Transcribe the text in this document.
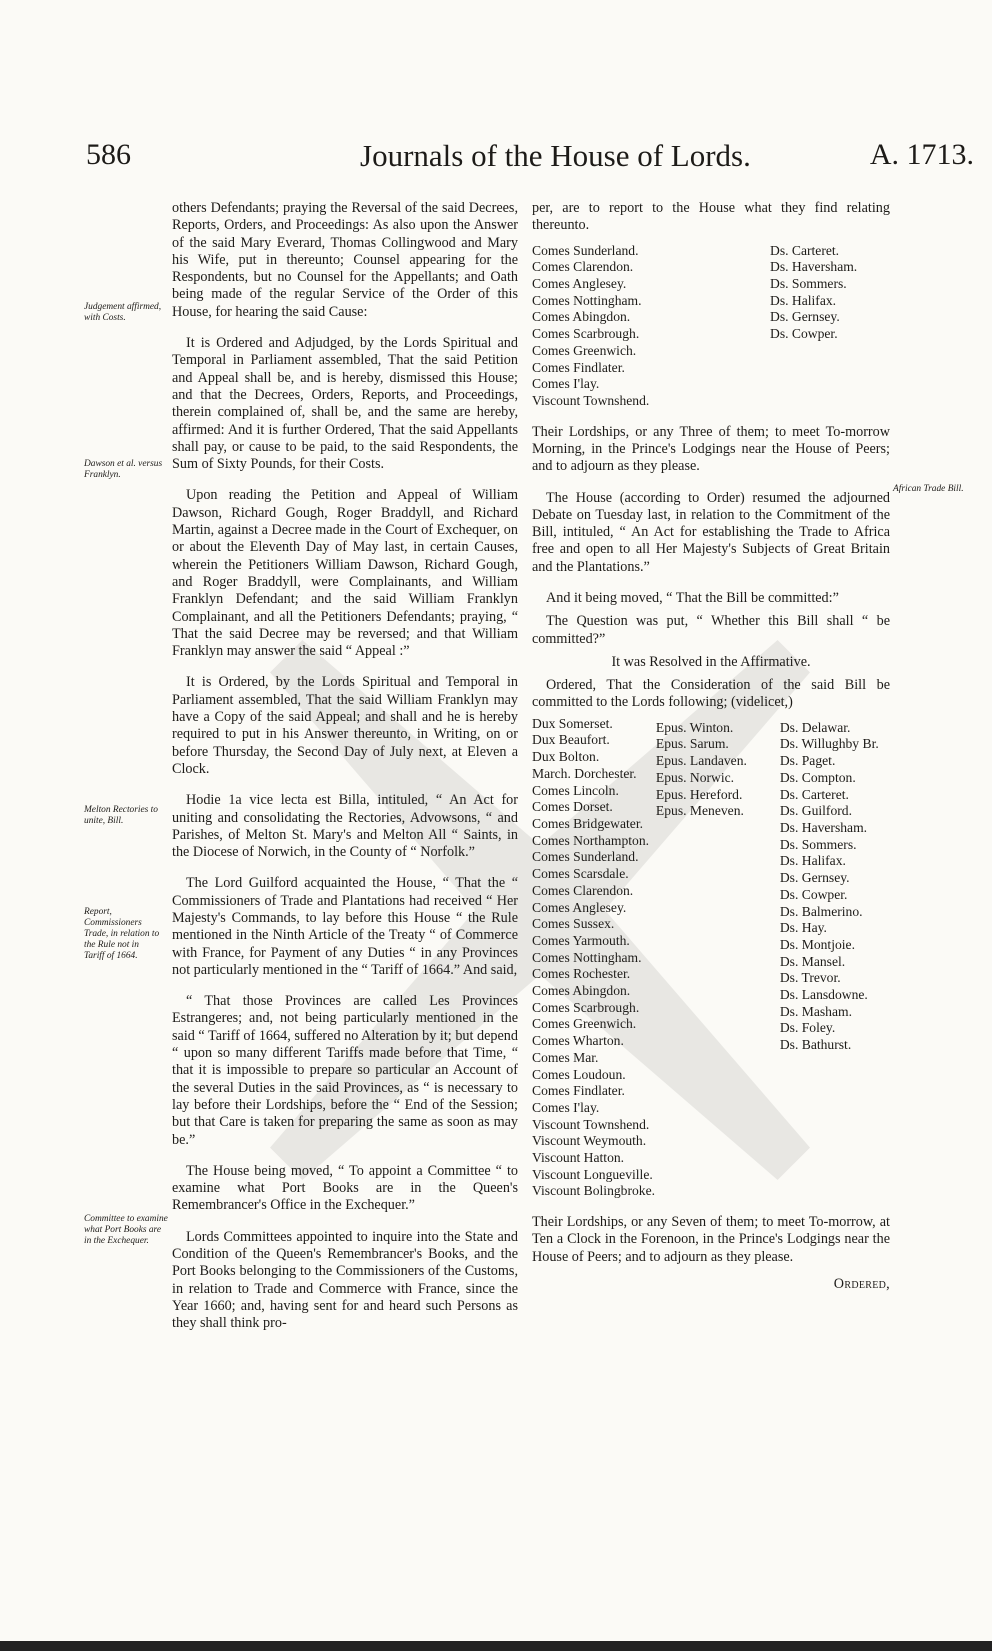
586	Journals of the House of Lords.	A. 1713.
Judgement affirmed, with Costs.
Dawson et al. versus Franklyn.
Melton Rectories to unite, Bill.
Report, Commissioners Trade, in relation to the Rule not in Tariff of 1664.
Committee to examine what Port Books are in the Exchequer.
African Trade Bill.

others Defendants; praying the Reversal of the said Decrees, Reports, Orders, and Proceedings: As also upon the Answer of the said Mary Everard, Thomas Collingwood and Mary his Wife, put in thereunto; Counsel appearing for the Respondents, but no Counsel for the Appellants; and Oath being made of the regular Service of the Order of this House, for hearing the said Cause:

It is Ordered and Adjudged, by the Lords Spiritual and Temporal in Parliament assembled, That the said Petition and Appeal shall be, and is hereby, dismissed this House; and that the Decrees, Orders, Reports, and Proceedings, therein complained of, shall be, and the same are hereby, affirmed: And it is further Ordered, That the said Appellants shall pay, or cause to be paid, to the said Respondents, the Sum of Sixty Pounds, for their Costs.

Upon reading the Petition and Appeal of William Dawson, Richard Gough, Roger Braddyll, and Richard Martin, against a Decree made in the Court of Exchequer, on or about the Eleventh Day of May last, in certain Causes, wherein the Petitioners William Dawson, Richard Gough, and Roger Braddyll, were Complainants, and William Franklyn Defendant; and the said William Franklyn Complainant, and all the Petitioners Defendants; praying, “ That the said Decree may be reversed; and that William Franklyn may answer the said “ Appeal :”

It is Ordered, by the Lords Spiritual and Temporal in Parliament assembled, That the said William Franklyn may have a Copy of the said Appeal; and shall and he is hereby required to put in his Answer thereunto, in Writing, on or before Thursday, the Second Day of July next, at Eleven a Clock.

Hodie 1a vice lecta est Billa, intituled, “ An Act for uniting and consolidating the Rectories, Advowsons, “ and Parishes, of Melton St. Mary's and Melton All “ Saints, in the Diocese of Norwich, in the County of “ Norfolk.”

The Lord Guilford acquainted the House, “ That the “ Commissioners of Trade and Plantations had received “ Her Majesty's Commands, to lay before this House “ the Rule mentioned in the Ninth Article of the Treaty “ of Commerce with France, for Payment of any Duties “ in any Provinces not particularly mentioned in the “ Tariff of 1664.” And said,

“ That those Provinces are called Les Provinces Estrangeres; and, not being particularly mentioned in the said “ Tariff of 1664, suffered no Alteration by it; but depend “ upon so many different Tariffs made before that Time, “ that it is impossible to prepare so particular an Account of the several Duties in the said Provinces, as “ is necessary to lay before their Lordships, before the “ End of the Session; but that Care is taken for preparing the same as soon as may be.”

The House being moved, “ To appoint a Committee “ to examine what Port Books are in the Queen's Remembrancer's Office in the Exchequer.”

Lords Committees appointed to inquire into the State and Condition of the Queen's Remembrancer's Books, and the Port Books belonging to the Commissioners of the Customs, in relation to Trade and Commerce with France, since the Year 1660; and, having sent for and heard such Persons as they shall think pro-

per, are to report to the House what they find relating thereunto.

Comes Sunderland.
Comes Clarendon.
Comes Anglesey.
Comes Nottingham.
Comes Abingdon.
Comes Scarbrough.
Comes Greenwich.
Comes Findlater.
Comes I'lay.
Viscount Townshend.
Ds. Carteret.
Ds. Haversham.
Ds. Sommers.
Ds. Halifax.
Ds. Gernsey.
Ds. Cowper.

Their Lordships, or any Three of them; to meet To-morrow Morning, in the Prince's Lodgings near the House of Peers; and to adjourn as they please.

The House (according to Order) resumed the adjourned Debate on Tuesday last, in relation to the Commitment of the Bill, intituled, “ An Act for establishing the Trade to Africa free and open to all Her Majesty's Subjects of Great Britain and the Plantations.”

And it being moved, “ That the Bill be committed:”

The Question was put, “ Whether this Bill shall “ be committed?”

It was Resolved in the Affirmative.

Ordered, That the Consideration of the said Bill be committed to the Lords following; (videlicet,)

Dux Somerset.
Dux Beaufort.
Dux Bolton.
March. Dorchester.
Comes Lincoln.
Comes Dorset.
Comes Bridgewater.
Comes Northampton.
Comes Sunderland.
Comes Scarsdale.
Comes Clarendon.
Comes Anglesey.
Comes Sussex.
Comes Yarmouth.
Comes Nottingham.
Comes Rochester.
Comes Abingdon.
Comes Scarbrough.
Comes Greenwich.
Comes Wharton.
Comes Mar.
Comes Loudoun.
Comes Findlater.
Comes I'lay.
Viscount Townshend.
Viscount Weymouth.
Viscount Hatton.
Viscount Longueville.
Viscount Bolingbroke.
Epus. Winton.
Epus. Sarum.
Epus. Landaven.
Epus. Norwic.
Epus. Hereford.
Epus. Meneven.
Ds. Delawar.
Ds. Willughby Br.
Ds. Paget.
Ds. Compton.
Ds. Carteret.
Ds. Guilford.
Ds. Haversham.
Ds. Sommers.
Ds. Halifax.
Ds. Gernsey.
Ds. Cowper.
Ds. Balmerino.
Ds. Hay.
Ds. Montjoie.
Ds. Mansel.
Ds. Trevor.
Ds. Lansdowne.
Ds. Masham.
Ds. Foley.
Ds. Bathurst.

Their Lordships, or any Seven of them; to meet To-morrow, at Ten a Clock in the Forenoon, in the Prince's Lodgings near the House of Peers; and to adjourn as they please.

Ordered,
